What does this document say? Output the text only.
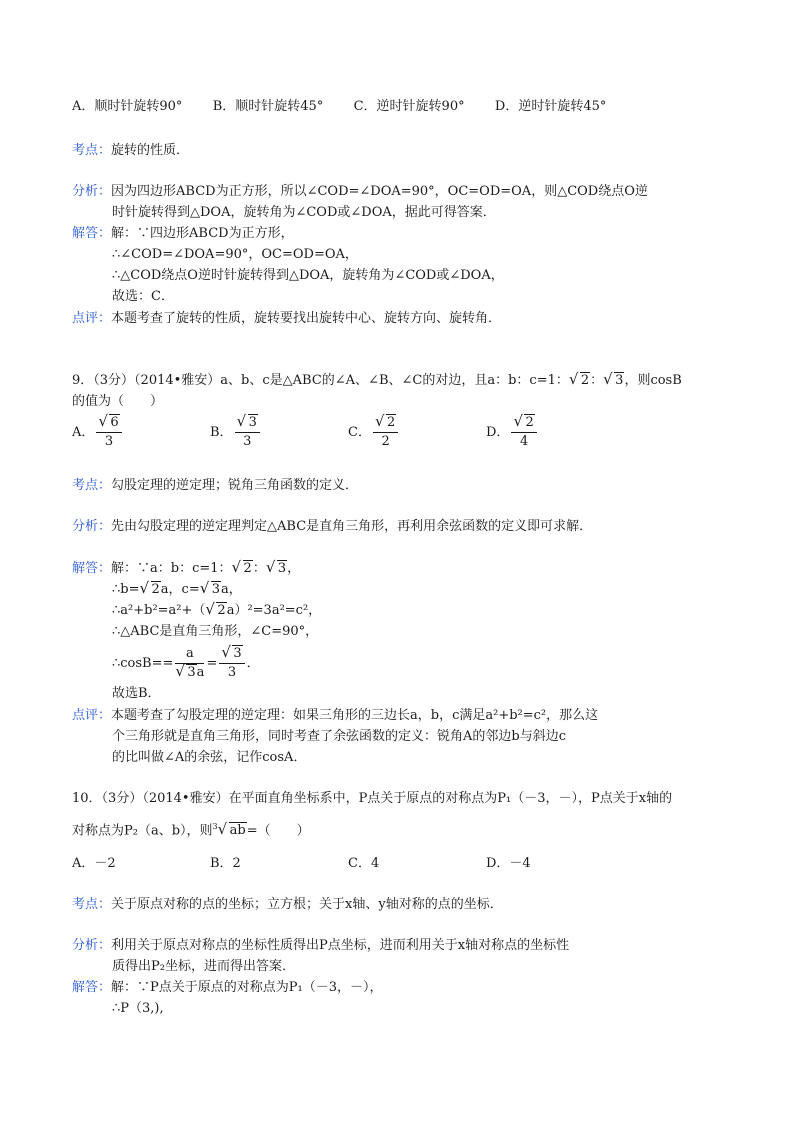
A．顺时针旋转90° B．顺时针旋转45° C．逆时针旋转90° D．逆时针旋转45°
考点：旋转的性质．
分析：因为四边形ABCD为正方形，所以∠COD=∠DOA=90°，OC=OD=OA，则△COD绕点O逆
时针旋转得到△DOA，旋转角为∠COD或∠DOA，据此可得答案．
解答：解：∵四边形ABCD为正方形，
∴∠COD=∠DOA=90°，OC=OD=OA，
∴△COD绕点O逆时针旋转得到△DOA，旋转角为∠COD或∠DOA，
故选：C．
点评：本题考查了旋转的性质，旋转要找出旋转中心、旋转方向、旋转角．
9．（3分）（2014•雅安）a、b、c是△ABC的∠A、∠B、∠C的对边，且a：b：c=1： √ 2： √ 3，则cosB
的值为（　　）
A． √ $\frac{6}{3}$	B． √ $\frac{3}{3}$	C． √ $\frac{2}{2}$	D． √ $\frac{2}{4}$
考点：勾股定理的逆定理；锐角三角函数的定义．
分析：先由勾股定理的逆定理判定△ABC是直角三角形，再利用余弦函数的定义即可求解．
解答：解：∵a：b：c=1： √ 2： √ 3，
∴b= √ 2a，c= √ 3a，
∴a²+b²=a²+（ √ 2a）²=3a²=c²，
∴△ABC是直角三角形，∠C=90°，
∴cosB== a
√ 3a = √ $\frac{3}{3}$ ．
故选B．
点评：本题考查了勾股定理的逆定理：如果三角形的三边长a，b，c满足a²+b²=c²，那么这
个三角形就是直角三角形，同时考查了余弦函数的定义：锐角A的邻边b与斜边c
的比叫做∠A的余弦，记作cosA．
10．（3分）（2014•雅安）在平面直角坐标系中，P点关于原点的对称点为P₁（－3，－），P点关于x轴的
对称点为P₂（a、b），则$^3$ √ ab=（　　）
A．－2	B．2	C．4	D．－4
考点：关于原点对称的点的坐标；立方根；关于x轴、y轴对称的点的坐标．
分析：利用关于原点对称点的坐标性质得出P点坐标，进而利用关于x轴对称点的坐标性
质得出P₂坐标，进而得出答案．
解答：解：∵P点关于原点的对称点为P₁（－3，－），
∴P（3,),
